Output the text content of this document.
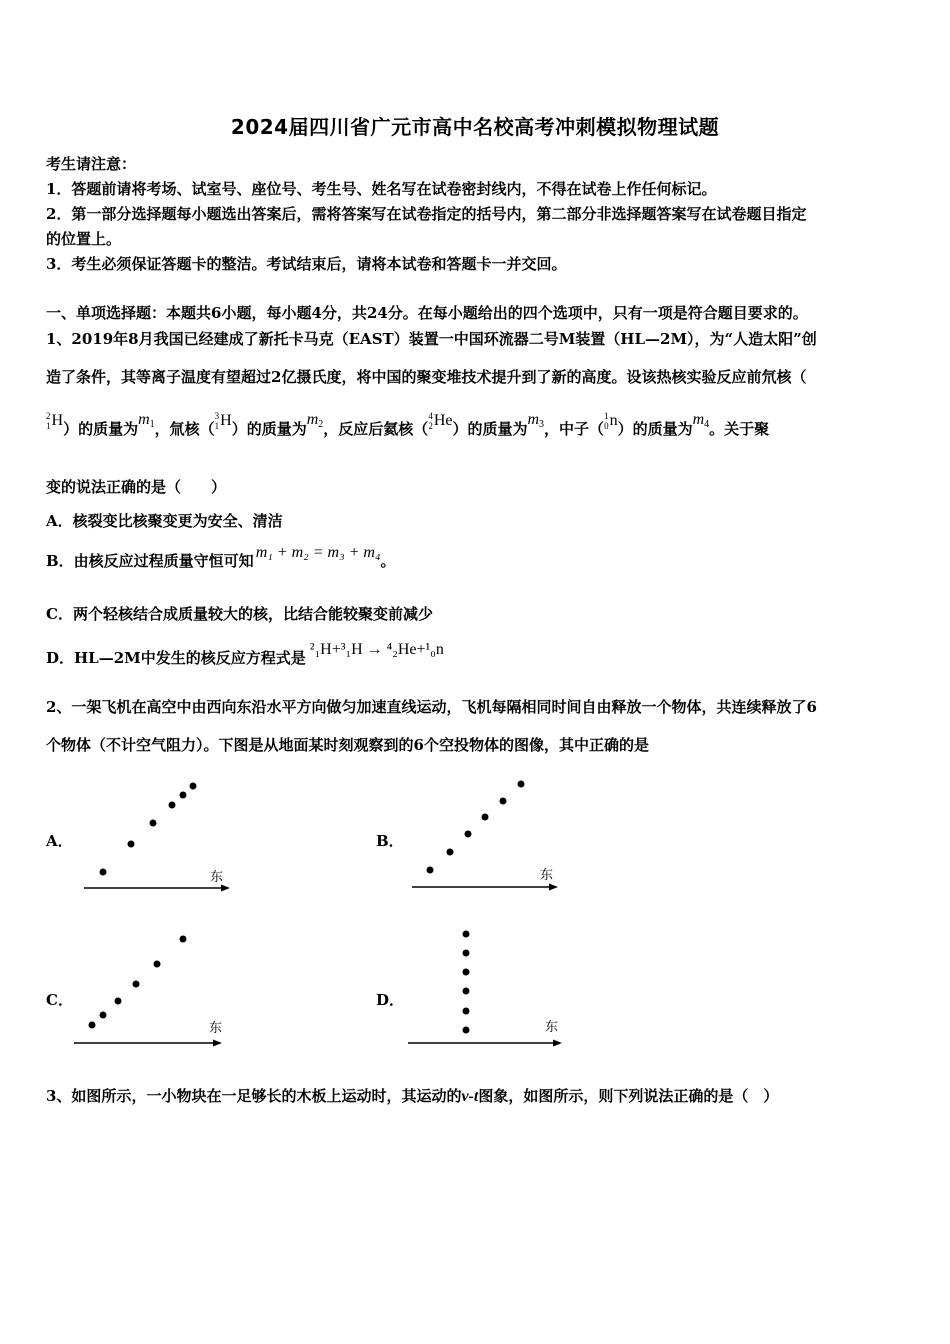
2024届四川省广元市高中名校高考冲刺模拟物理试题
考生请注意：
1．答题前请将考场、试室号、座位号、考生号、姓名写在试卷密封线内，不得在试卷上作任何标记。
2．第一部分选择题每小题选出答案后，需将答案写在试卷指定的括号内，第二部分非选择题答案写在试卷题目指定
的位置上。
3．考生必须保证答题卡的整洁。考试结束后，请将本试卷和答题卡一并交回。
一、单项选择题：本题共6小题，每小题4分，共24分。在每小题给出的四个选项中，只有一项是符合题目要求的。
1、2019年8月我国已经建成了新托卡马克（EAST）装置一中国环流器二号M装置（HL—2M），为“人造太阳”创
造了条件，其等离子温度有望超过2亿摄氏度，将中国的聚变堆技术提升到了新的高度。设该热核实验反应前氘核（
2
1 H ）的质量为
$m_1$ ，氚核（
3
1 H ）的质量为
$m_2$ ，反应后氦核（
4
2 He ）的质量为
$m_3$ ，中子（
1
0 n ）的质量为
$m_4$ 。关于聚
变的说法正确的是（　　）
A．核裂变比核聚变更为安全、清洁
B．由核反应过程质量守恒可知 m₁ + m₂ = m₃ + m₄ 。
C．两个轻核结合成质量较大的核，比结合能较聚变前减少
D．HL—2M中发生的核反应方程式是 ²₁H+³₁H → ⁴₂He+¹₀n
2、一架飞机在高空中由西向东沿水平方向做匀加速直线运动，飞机每隔相同时间自由释放一个物体，共连续释放了6
个物体（不计空气阻力）。下图是从地面某时刻观察到的6个空投物体的图像，其中正确的是
A．
东
B．
东
C．
东
D．
东
3、如图所示，一小物块在一足够长的木板上运动时，其运动的v-t图象，如图所示，则下列说法正确的是（　）
